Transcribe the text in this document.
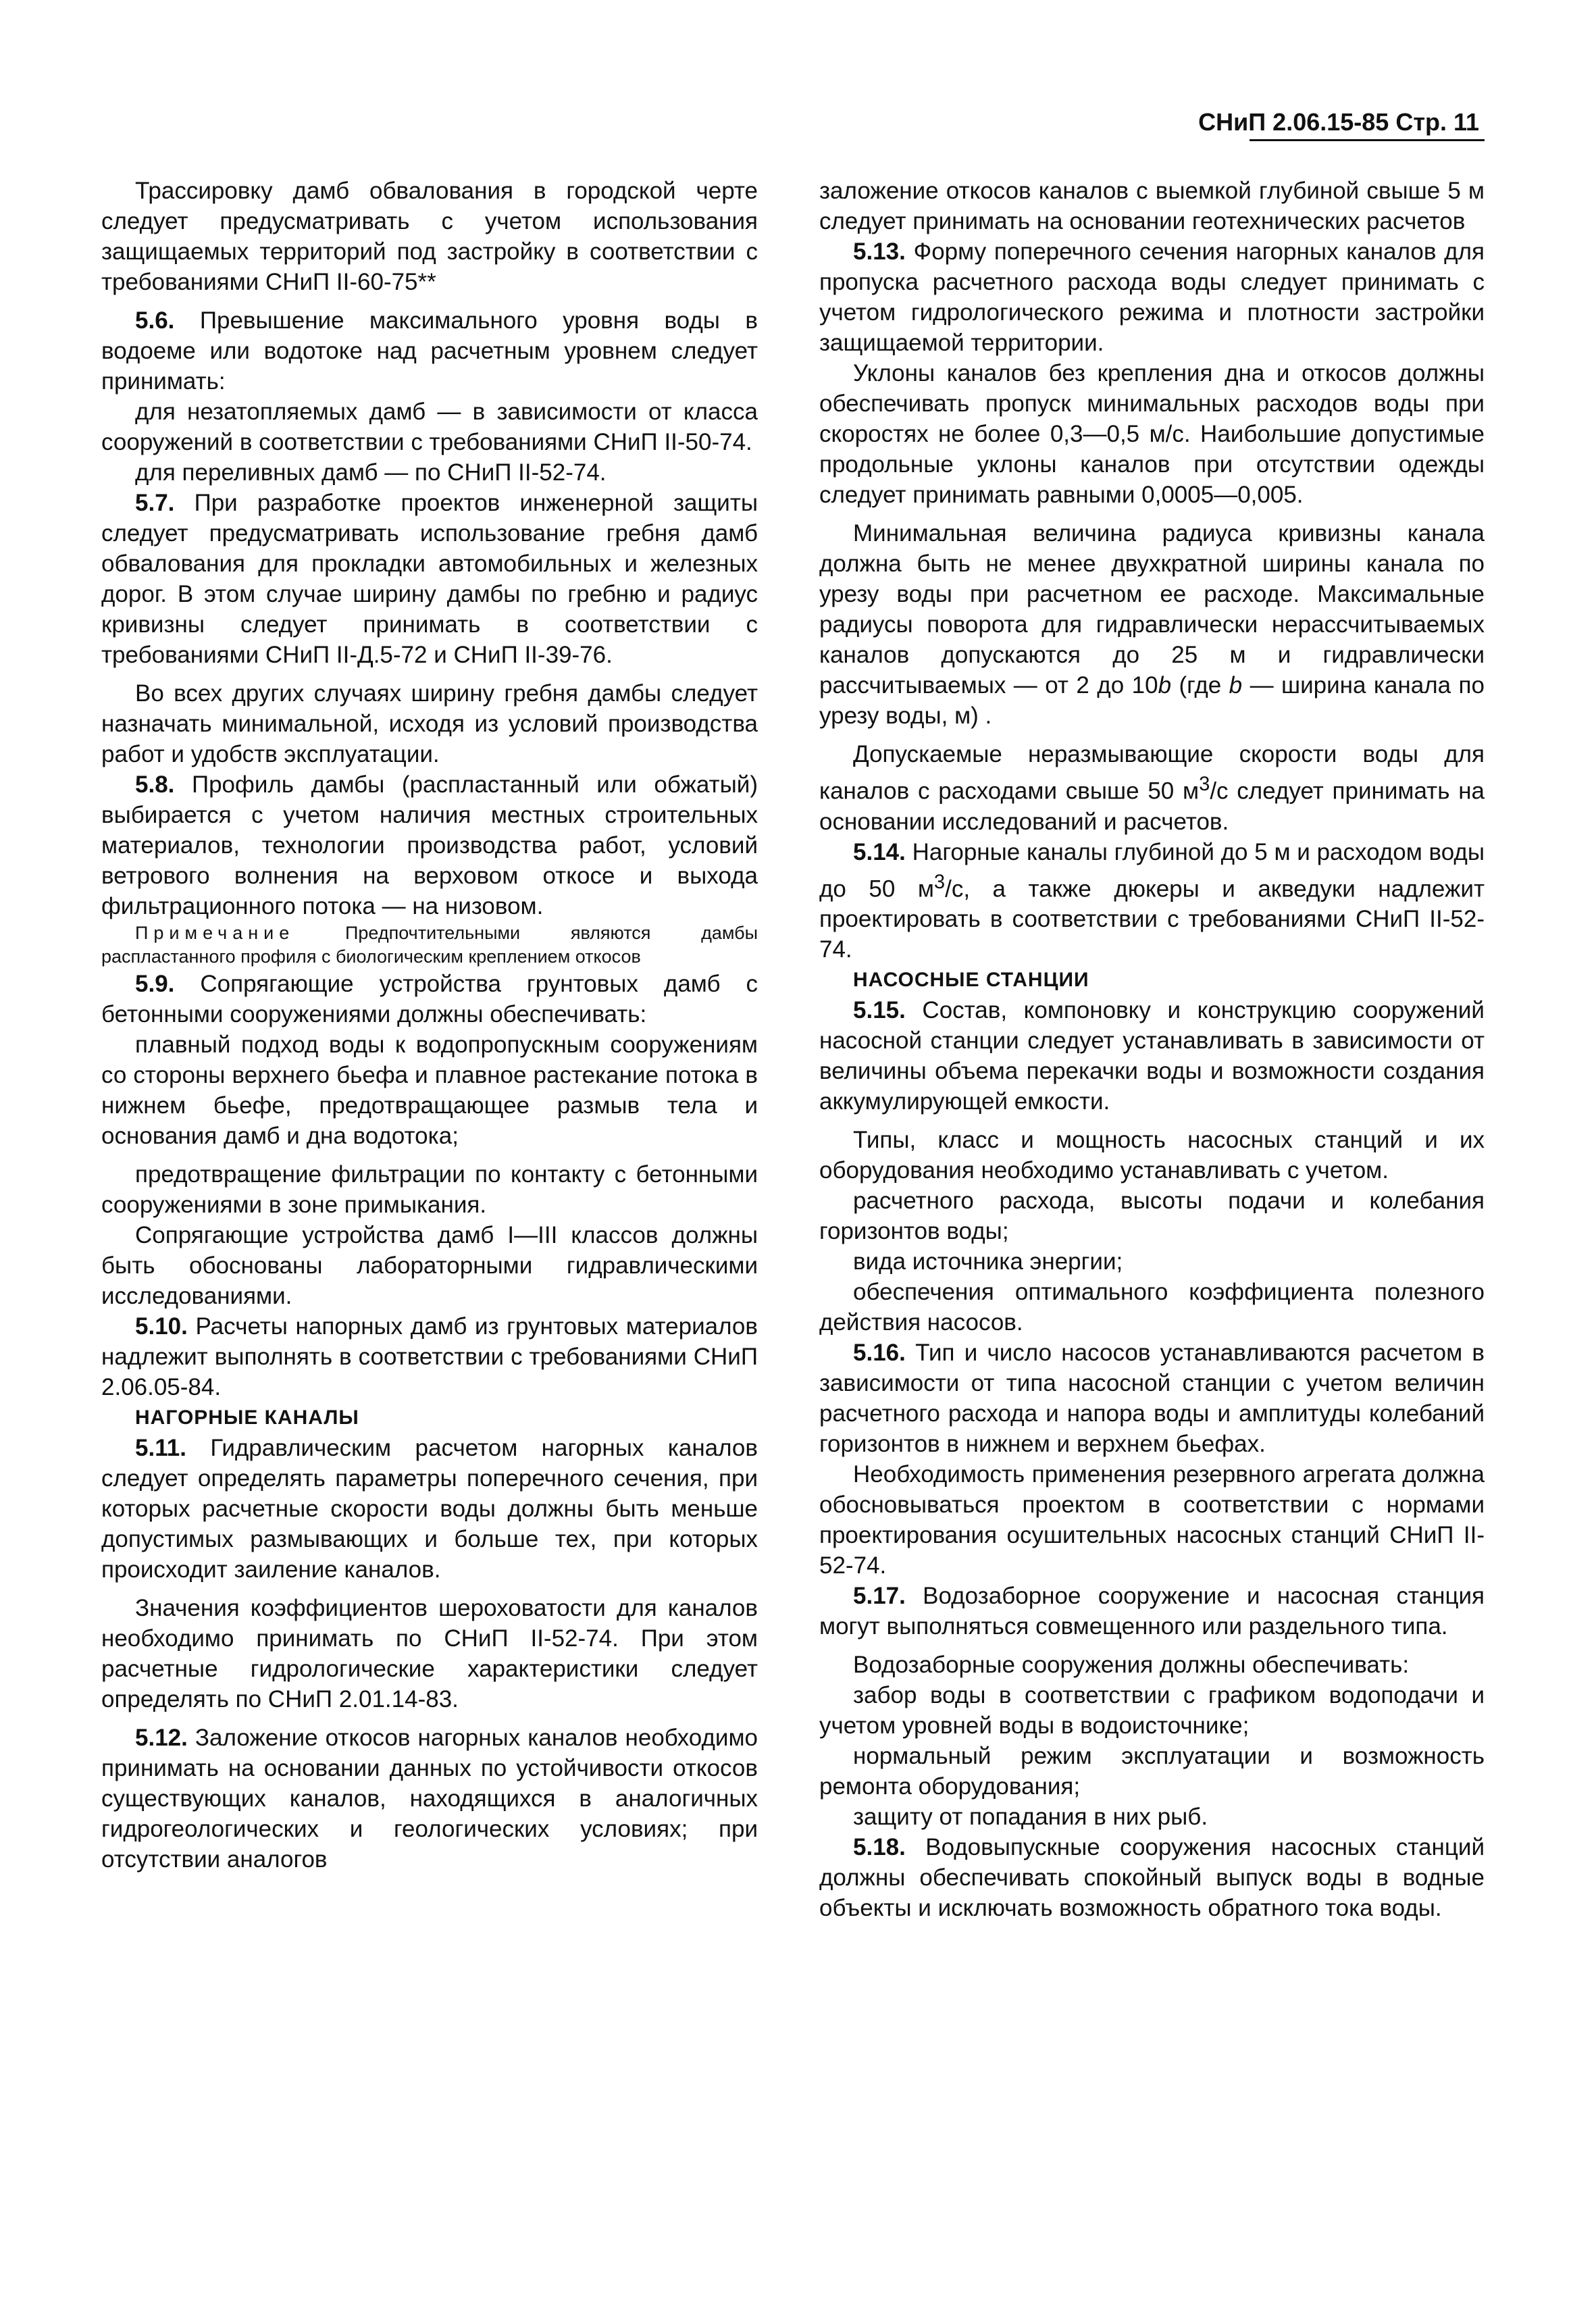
СНиП 2.06.15-85 Стр. 11

Трассировку дамб обвалования в городской черте следует предусматривать с учетом использования защищаемых территорий под застройку в соответствии с требованиями СНиП II-60-75**

5.6. Превышение максимального уровня воды в водоеме или водотоке над расчетным уровнем следует принимать:

для незатопляемых дамб — в зависимости от класса сооружений в соответствии с требованиями СНиП II-50-74.

для переливных дамб — по СНиП II-52-74.

5.7. При разработке проектов инженерной защиты следует предусматривать использование гребня дамб обвалования для прокладки автомобильных и железных дорог. В этом случае ширину дамбы по гребню и радиус кривизны следует принимать в соответствии с требованиями СНиП II-Д.5-72 и СНиП II-39-76.

Во всех других случаях ширину гребня дамбы следует назначать минимальной, исходя из условий производства работ и удобств эксплуатации.

5.8. Профиль дамбы (распластанный или обжатый) выбирается с учетом наличия местных строительных материалов, технологии производства работ, условий ветрового волнения на верховом откосе и выхода фильтрационного потока — на низовом.

Примечание	Предпочтительными являются дамбы распластанного профиля с биологическим креплением откосов

5.9. Сопрягающие устройства грунтовых дамб с бетонными сооружениями должны обеспечивать:

плавный подход воды к водопропускным сооружениям со стороны верхнего бьефа и плавное растекание потока в нижнем бьефе, предотвращающее размыв тела и основания дамб и дна водотока;

предотвращение фильтрации по контакту с бетонными сооружениями в зоне примыкания.

Сопрягающие устройства дамб I—III классов должны быть обоснованы лабораторными гидравлическими исследованиями.

5.10. Расчеты напорных дамб из грунтовых материалов надлежит выполнять в соответствии с требованиями СНиП 2.06.05-84.

НАГОРНЫЕ КАНАЛЫ

5.11. Гидравлическим расчетом нагорных каналов следует определять параметры поперечного сечения, при которых расчетные скорости воды должны быть меньше допустимых размывающих и больше тех, при которых происходит заиление каналов.

Значения коэффициентов шероховатости для каналов необходимо принимать по СНиП II-52-74. При этом расчетные гидрологические характеристики следует определять по СНиП 2.01.14-83.

5.12. Заложение откосов нагорных каналов необходимо принимать на основании данных по устойчивости откосов существующих каналов, находящихся в аналогичных гидрогеологических и геологических условиях; при отсутствии аналогов

заложение откосов каналов с выемкой глубиной свыше 5 м следует принимать на основании геотехнических расчетов

5.13. Форму поперечного сечения нагорных каналов для пропуска расчетного расхода воды следует принимать с учетом гидрологического режима и плотности застройки защищаемой территории.

Уклоны каналов без крепления дна и откосов должны обеспечивать пропуск минимальных расходов воды при скоростях не более 0,3—0,5 м/с. Наибольшие допустимые продольные уклоны каналов при отсутствии одежды следует принимать равными 0,0005—0,005.

Минимальная величина радиуса кривизны канала должна быть не менее двухкратной ширины канала по урезу воды при расчетном ее расходе. Максимальные радиусы поворота для гидравлически нерассчитываемых каналов допускаются до 25 м и гидравлически рассчитываемых — от 2 до 10b (где b — ширина канала по урезу воды, м) .

Допускаемые неразмывающие скорости воды для каналов с расходами свыше 50 $м^3/с$ следует принимать на основании исследований и расчетов.

5.14. Нагорные каналы глубиной до 5 м и расходом воды до 50 $м^3/с$, а также дюкеры и акведуки надлежит проектировать в соответствии с требованиями СНиП II-52-74.

НАСОСНЫЕ СТАНЦИИ

5.15. Состав, компоновку и конструкцию сооружений насосной станции следует устанавливать в зависимости от величины объема перекачки воды и возможности создания аккумулирующей емкости.

Типы, класс и мощность насосных станций и их оборудования необходимо устанавливать с учетом.

расчетного расхода, высоты подачи и колебания горизонтов воды;

вида источника энергии;

обеспечения оптимального коэффициента полезного действия насосов.

5.16. Тип и число насосов устанавливаются расчетом в зависимости от типа насосной станции с учетом величин расчетного расхода и напора воды и амплитуды колебаний горизонтов в нижнем и верхнем бьефах.

Необходимость применения резервного агрегата должна обосновываться проектом в соответствии с нормами проектирования осушительных насосных станций СНиП II-52-74.

5.17. Водозаборное сооружение и насосная станция могут выполняться совмещенного или раздельного типа.

Водозаборные сооружения должны обеспечивать:

забор воды в соответствии с графиком водоподачи и учетом уровней воды в водоисточнике;

нормальный режим эксплуатации и возможность ремонта оборудования;

защиту от попадания в них рыб.

5.18. Водовыпускные сооружения насосных станций должны обеспечивать спокойный выпуск воды в водные объекты и исключать возможность обратного тока воды.
